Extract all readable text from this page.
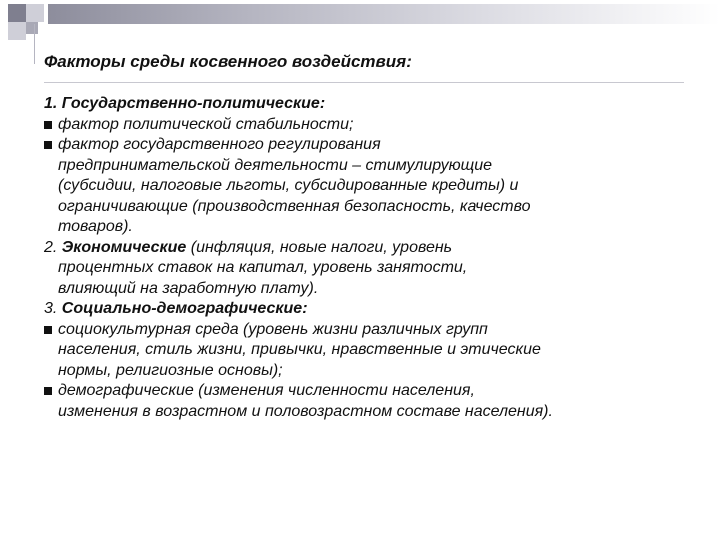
Факторы среды косвенного воздействия:
1. Государственно-политические:
фактор политической стабильности;
фактор государственного регулирования
предпринимательской деятельности – стимулирующие
(субсидии, налоговые льготы, субсидированные кредиты) и
ограничивающие (производственная безопасность, качество
товаров).
2. Экономические (инфляция, новые налоги, уровень
процентных ставок на капитал, уровень занятости,
влияющий на заработную плату).
3. Социально-демографические:
социокультурная среда (уровень жизни различных групп
населения, стиль жизни, привычки, нравственные и этические
нормы, религиозные основы);
демографические (изменения численности населения,
изменения в возрастном и половозрастном составе населения).
